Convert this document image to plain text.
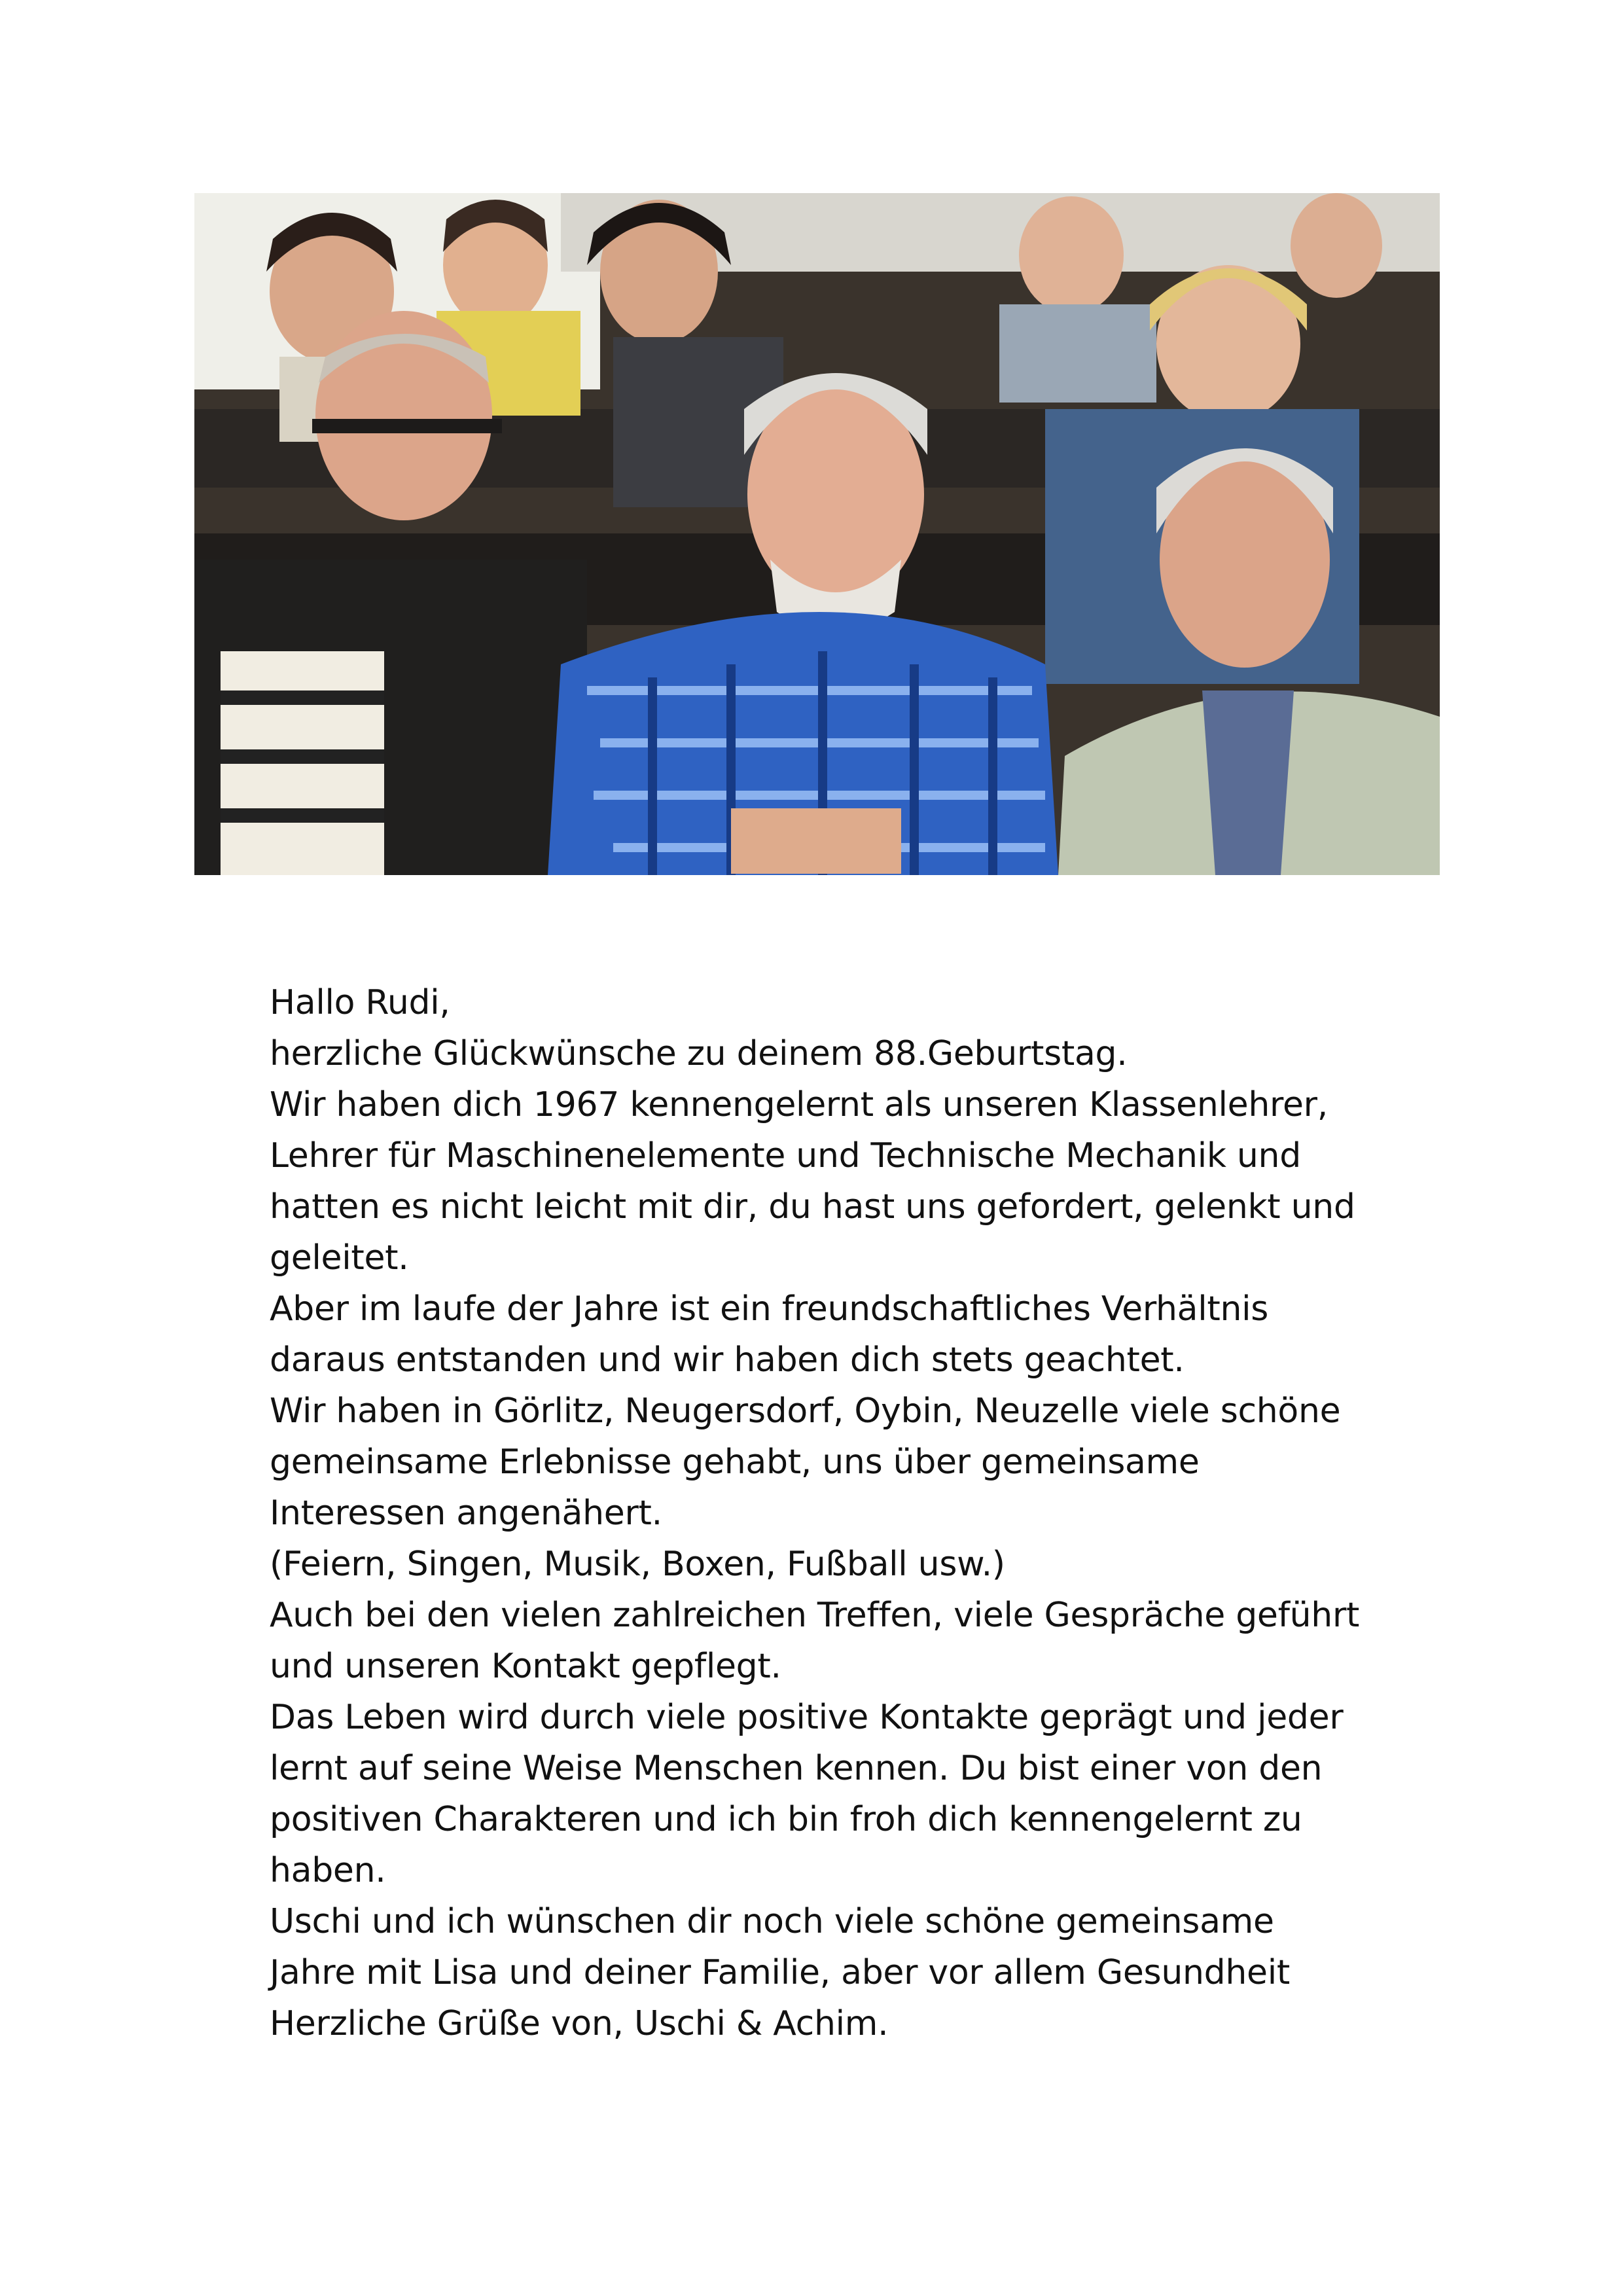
Hallo Rudi,
herzliche Glückwünsche zu deinem 88.Geburtstag.
Wir haben dich 1967 kennengelernt als unseren Klassenlehrer,
Lehrer für Maschinenelemente und Technische Mechanik und
hatten es nicht leicht mit dir, du hast uns gefordert, gelenkt und
geleitet.
Aber im laufe der Jahre ist ein freundschaftliches Verhältnis
daraus entstanden und wir haben dich stets geachtet.
Wir haben in Görlitz, Neugersdorf, Oybin, Neuzelle viele schöne
gemeinsame Erlebnisse gehabt, uns über gemeinsame
Interessen angenähert.
(Feiern, Singen, Musik, Boxen, Fußball usw.)
Auch bei den vielen zahlreichen Treffen, viele Gespräche geführt
und unseren Kontakt gepflegt.
Das Leben wird durch viele positive Kontakte geprägt und jeder
lernt auf seine Weise Menschen kennen. Du bist einer von den
positiven Charakteren und ich bin froh dich kennengelernt zu
haben.
Uschi und ich wünschen dir noch viele schöne gemeinsame
Jahre mit Lisa und deiner Familie, aber vor allem Gesundheit
Herzliche Grüße von, Uschi & Achim.
